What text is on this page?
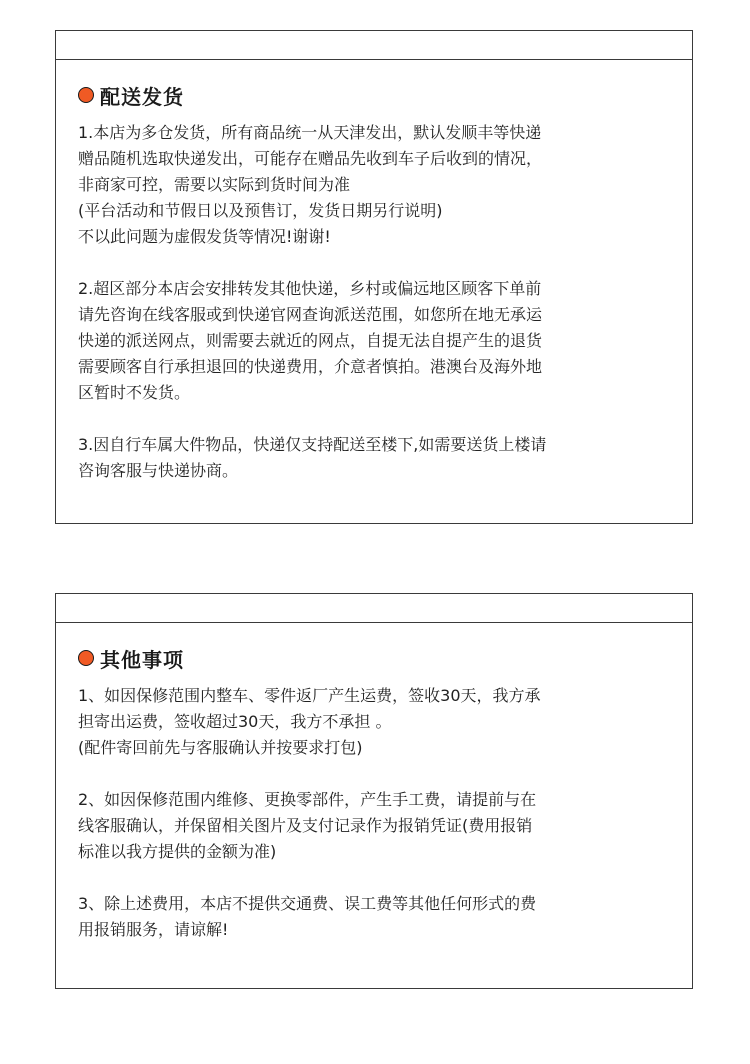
配送发货
1.本店为多仓发货，所有商品统一从天津发出，默认发顺丰等快递
赠品随机选取快递发出，可能存在赠品先收到车子后收到的情况，
非商家可控，需要以实际到货时间为准
(平台活动和节假日以及预售订，发货日期另行说明)
不以此问题为虚假发货等情况!谢谢!
2.超区部分本店会安排转发其他快递，乡村或偏远地区顾客下单前
请先咨询在线客服或到快递官网查询派送范围，如您所在地无承运
快递的派送网点，则需要去就近的网点，自提无法自提产生的退货
需要顾客自行承担退回的快递费用，介意者慎拍。港澳台及海外地
区暂时不发货。
3.因自行车属大件物品，快递仅支持配送至楼下,如需要送货上楼请
咨询客服与快递协商。
其他事项
1、如因保修范围内整车、零件返厂产生运费，签收30天，我方承
担寄出运费，签收超过30天，我方不承担 。
(配件寄回前先与客服确认并按要求打包)
2、如因保修范围内维修、更换零部件，产生手工费，请提前与在
线客服确认，并保留相关图片及支付记录作为报销凭证(费用报销
标准以我方提供的金额为准)
3、除上述费用，本店不提供交通费、误工费等其他任何形式的费
用报销服务，请谅解!
